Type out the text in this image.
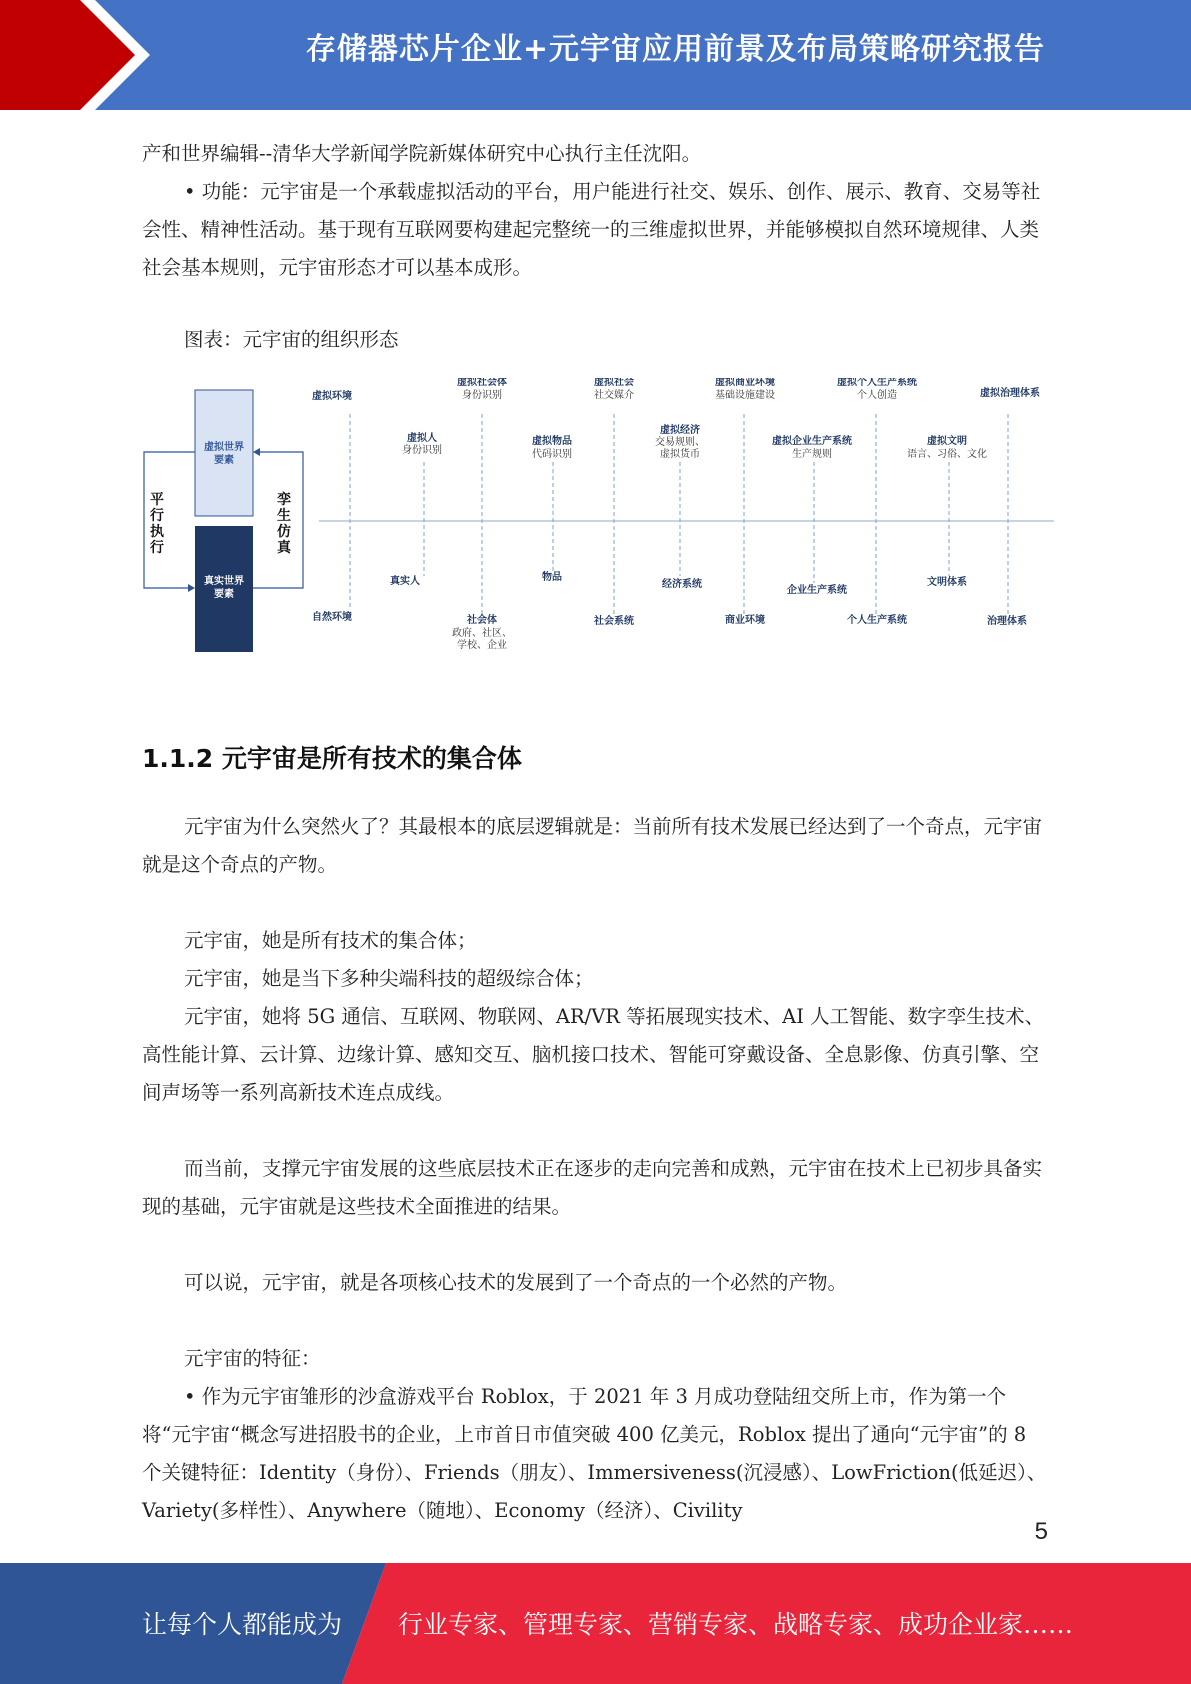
存储器芯片企业+元宇宙应用前景及布局策略研究报告

产和世界编辑--清华大学新闻学院新媒体研究中心执行主任沈阳。

• 功能：元宇宙是一个承载虚拟活动的平台，用户能进行社交、娱乐、创作、展示、教育、交易等社会性、精神性活动。基于现有互联网要构建起完整统一的三维虚拟世界，并能够模拟自然环境规律、人类社会基本规则，元宇宙形态才可以基本成形。

图表：元宇宙的组织形态

虚拟世界
要素
真实世界
要素
平
行
执
行
孪
生
仿
真
虚拟环境
虚拟人
身份识别
虚拟社会体
身份识别
虚拟物品
代码识别
虚拟社会
社交媒介
虚拟经济
交易规则、
虚拟货币
虚拟商业环境
基础设施建设
虚拟企业生产系统
生产规则
虚拟个人生产系统
个人创造
虚拟文明
语言、习俗、文化
虚拟治理体系
自然环境
真实人
社会体
物品
社会系统
经济系统
商业环境
企业生产系统
个人生产系统
文明体系
治理体系
政府、社区、
学校、企业

1.1.2 元宇宙是所有技术的集合体

元宇宙为什么突然火了？其最根本的底层逻辑就是：当前所有技术发展已经达到了一个奇点，元宇宙就是这个奇点的产物。

元宇宙，她是所有技术的集合体；

元宇宙，她是当下多种尖端科技的超级综合体；

元宇宙，她将 5G 通信、互联网、物联网、AR/VR 等拓展现实技术、AI 人工智能、数字孪生技术、高性能计算、云计算、边缘计算、感知交互、脑机接口技术、智能可穿戴设备、全息影像、仿真引擎、空间声场等一系列高新技术连点成线。

而当前，支撑元宇宙发展的这些底层技术正在逐步的走向完善和成熟，元宇宙在技术上已初步具备实现的基础，元宇宙就是这些技术全面推进的结果。

可以说，元宇宙，就是各项核心技术的发展到了一个奇点的一个必然的产物。

元宇宙的特征：

• 作为元宇宙雏形的沙盒游戏平台 Roblox，于 2021 年 3 月成功登陆纽交所上市，作为第一个将“元宇宙“概念写进招股书的企业，上市首日市值突破 400 亿美元，Roblox 提出了通向“元宇宙”的 8 个关键特征：Identity（身份）、Friends（朋友）、Immersiveness(沉浸感）、LowFriction(低延迟）、Variety(多样性）、Anywhere（随地）、Economy（经济）、Civility

5
让每个人都能成为 行业专家、管理专家、营销专家、战略专家、成功企业家……
